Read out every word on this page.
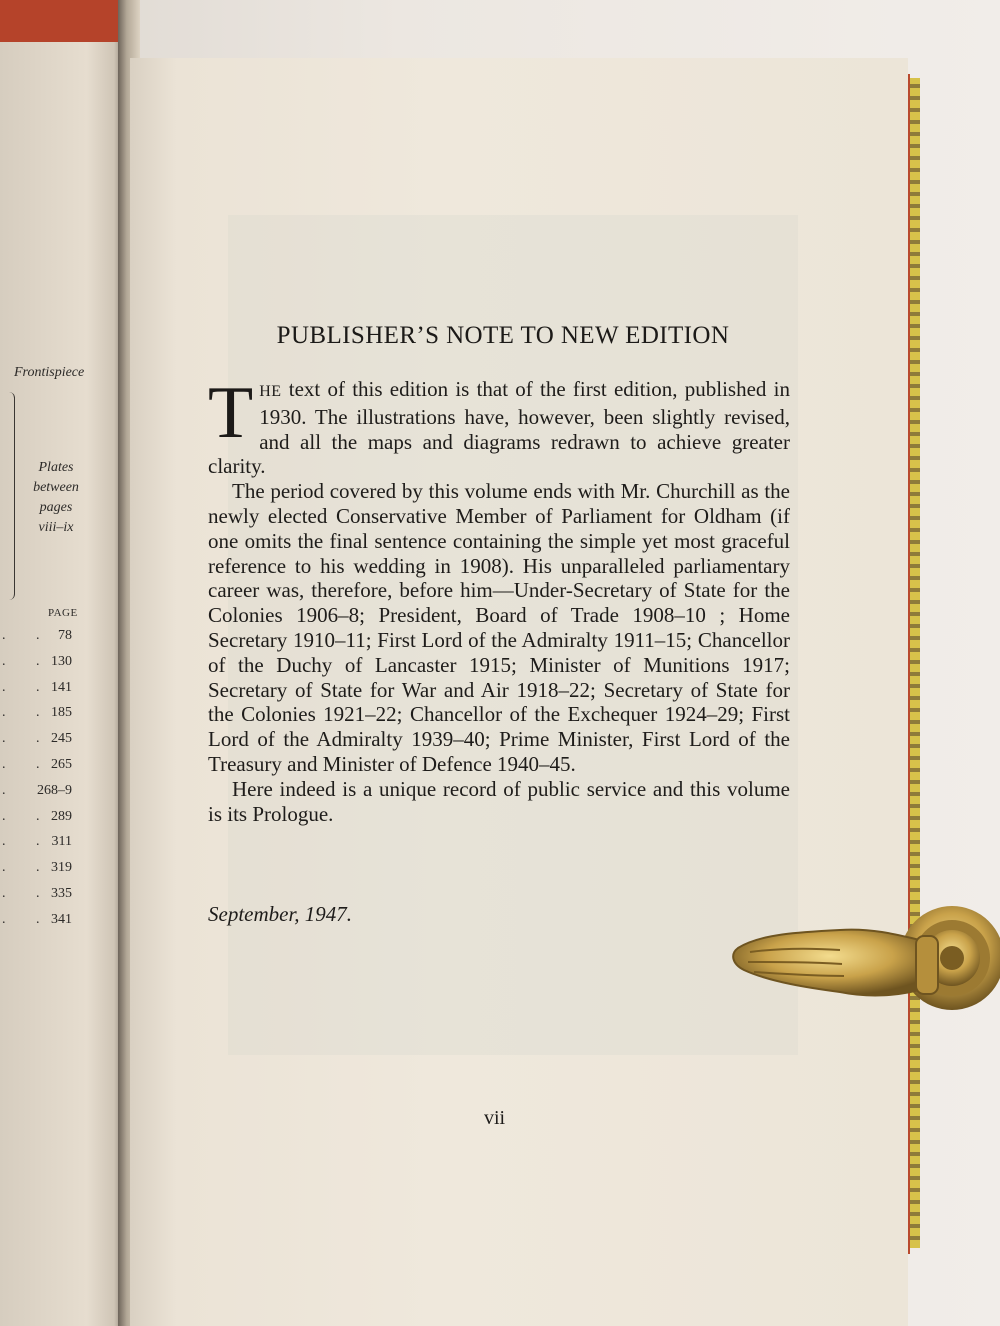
Frontispiece
Plates
between
pages
viii–ix
PAGE
. . 78
. . 130
. . 141
. . 185
. . 245
. . 265
. 268–9
. . 289
. . 311
. . 319
. . 335
. . 341
PUBLISHER’S NOTE TO NEW EDITION

THE text of this edition is that of the first edition, published in 1930. The illustrations have, however, been slightly revised, and all the maps and diagrams redrawn to achieve greater clarity.

The period covered by this volume ends with Mr. Churchill as the newly elected Conservative Member of Parliament for Oldham (if one omits the final sentence containing the simple yet most graceful reference to his wedding in 1908). His unparalleled parliamentary career was, therefore, before him—Under-Secretary of State for the Colonies 1906–8; President, Board of Trade 1908–10 ; Home Secretary 1910–11; First Lord of the Admiralty 1911–15; Chancellor of the Duchy of Lancaster 1915; Minister of Munitions 1917; Secretary of State for War and Air 1918–22; Secretary of State for the Colonies 1921–22; Chancellor of the Exchequer 1924–29; First Lord of the Admiralty 1939–40; Prime Minister, First Lord of the Treasury and Minister of Defence 1940–45.

Here indeed is a unique record of public service and this volume is its Prologue.

September, 1947.
vii
